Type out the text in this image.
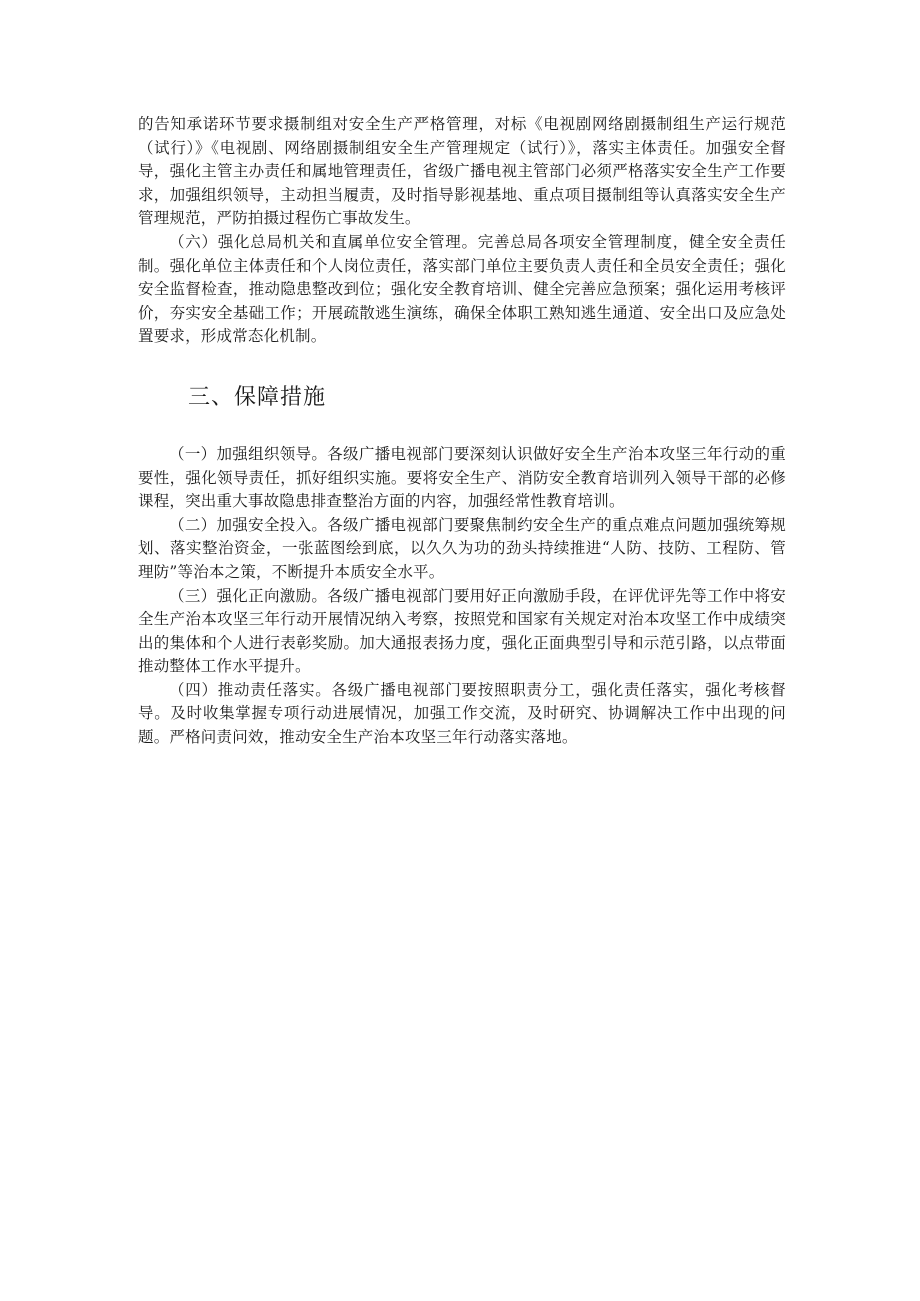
的告知承诺环节要求摄制组对安全生产严格管理，对标《电视剧网络剧摄制组生产运行规范（试行）》《电视剧、网络剧摄制组安全生产管理规定（试行）》，落实主体责任。加强安全督导，强化主管主办责任和属地管理责任，省级广播电视主管部门必须严格落实安全生产工作要求，加强组织领导，主动担当履责，及时指导影视基地、重点项目摄制组等认真落实安全生产管理规范，严防拍摄过程伤亡事故发生。

（六）强化总局机关和直属单位安全管理。完善总局各项安全管理制度，健全安全责任制。强化单位主体责任和个人岗位责任，落实部门单位主要负责人责任和全员安全责任；强化安全监督检查，推动隐患整改到位；强化安全教育培训、健全完善应急预案；强化运用考核评价，夯实安全基础工作；开展疏散逃生演练，确保全体职工熟知逃生通道、安全出口及应急处置要求，形成常态化机制。

三、保障措施

（一）加强组织领导。各级广播电视部门要深刻认识做好安全生产治本攻坚三年行动的重要性，强化领导责任，抓好组织实施。要将安全生产、消防安全教育培训列入领导干部的必修课程，突出重大事故隐患排查整治方面的内容，加强经常性教育培训。

（二）加强安全投入。各级广播电视部门要聚焦制约安全生产的重点难点问题加强统筹规划、落实整治资金，一张蓝图绘到底，以久久为功的劲头持续推进“人防、技防、工程防、管理防”等治本之策，不断提升本质安全水平。

（三）强化正向激励。各级广播电视部门要用好正向激励手段，在评优评先等工作中将安全生产治本攻坚三年行动开展情况纳入考察，按照党和国家有关规定对治本攻坚工作中成绩突出的集体和个人进行表彰奖励。加大通报表扬力度，强化正面典型引导和示范引路，以点带面推动整体工作水平提升。

（四）推动责任落实。各级广播电视部门要按照职责分工，强化责任落实，强化考核督导。及时收集掌握专项行动进展情况，加强工作交流，及时研究、协调解决工作中出现的问题。严格问责问效，推动安全生产治本攻坚三年行动落实落地。
